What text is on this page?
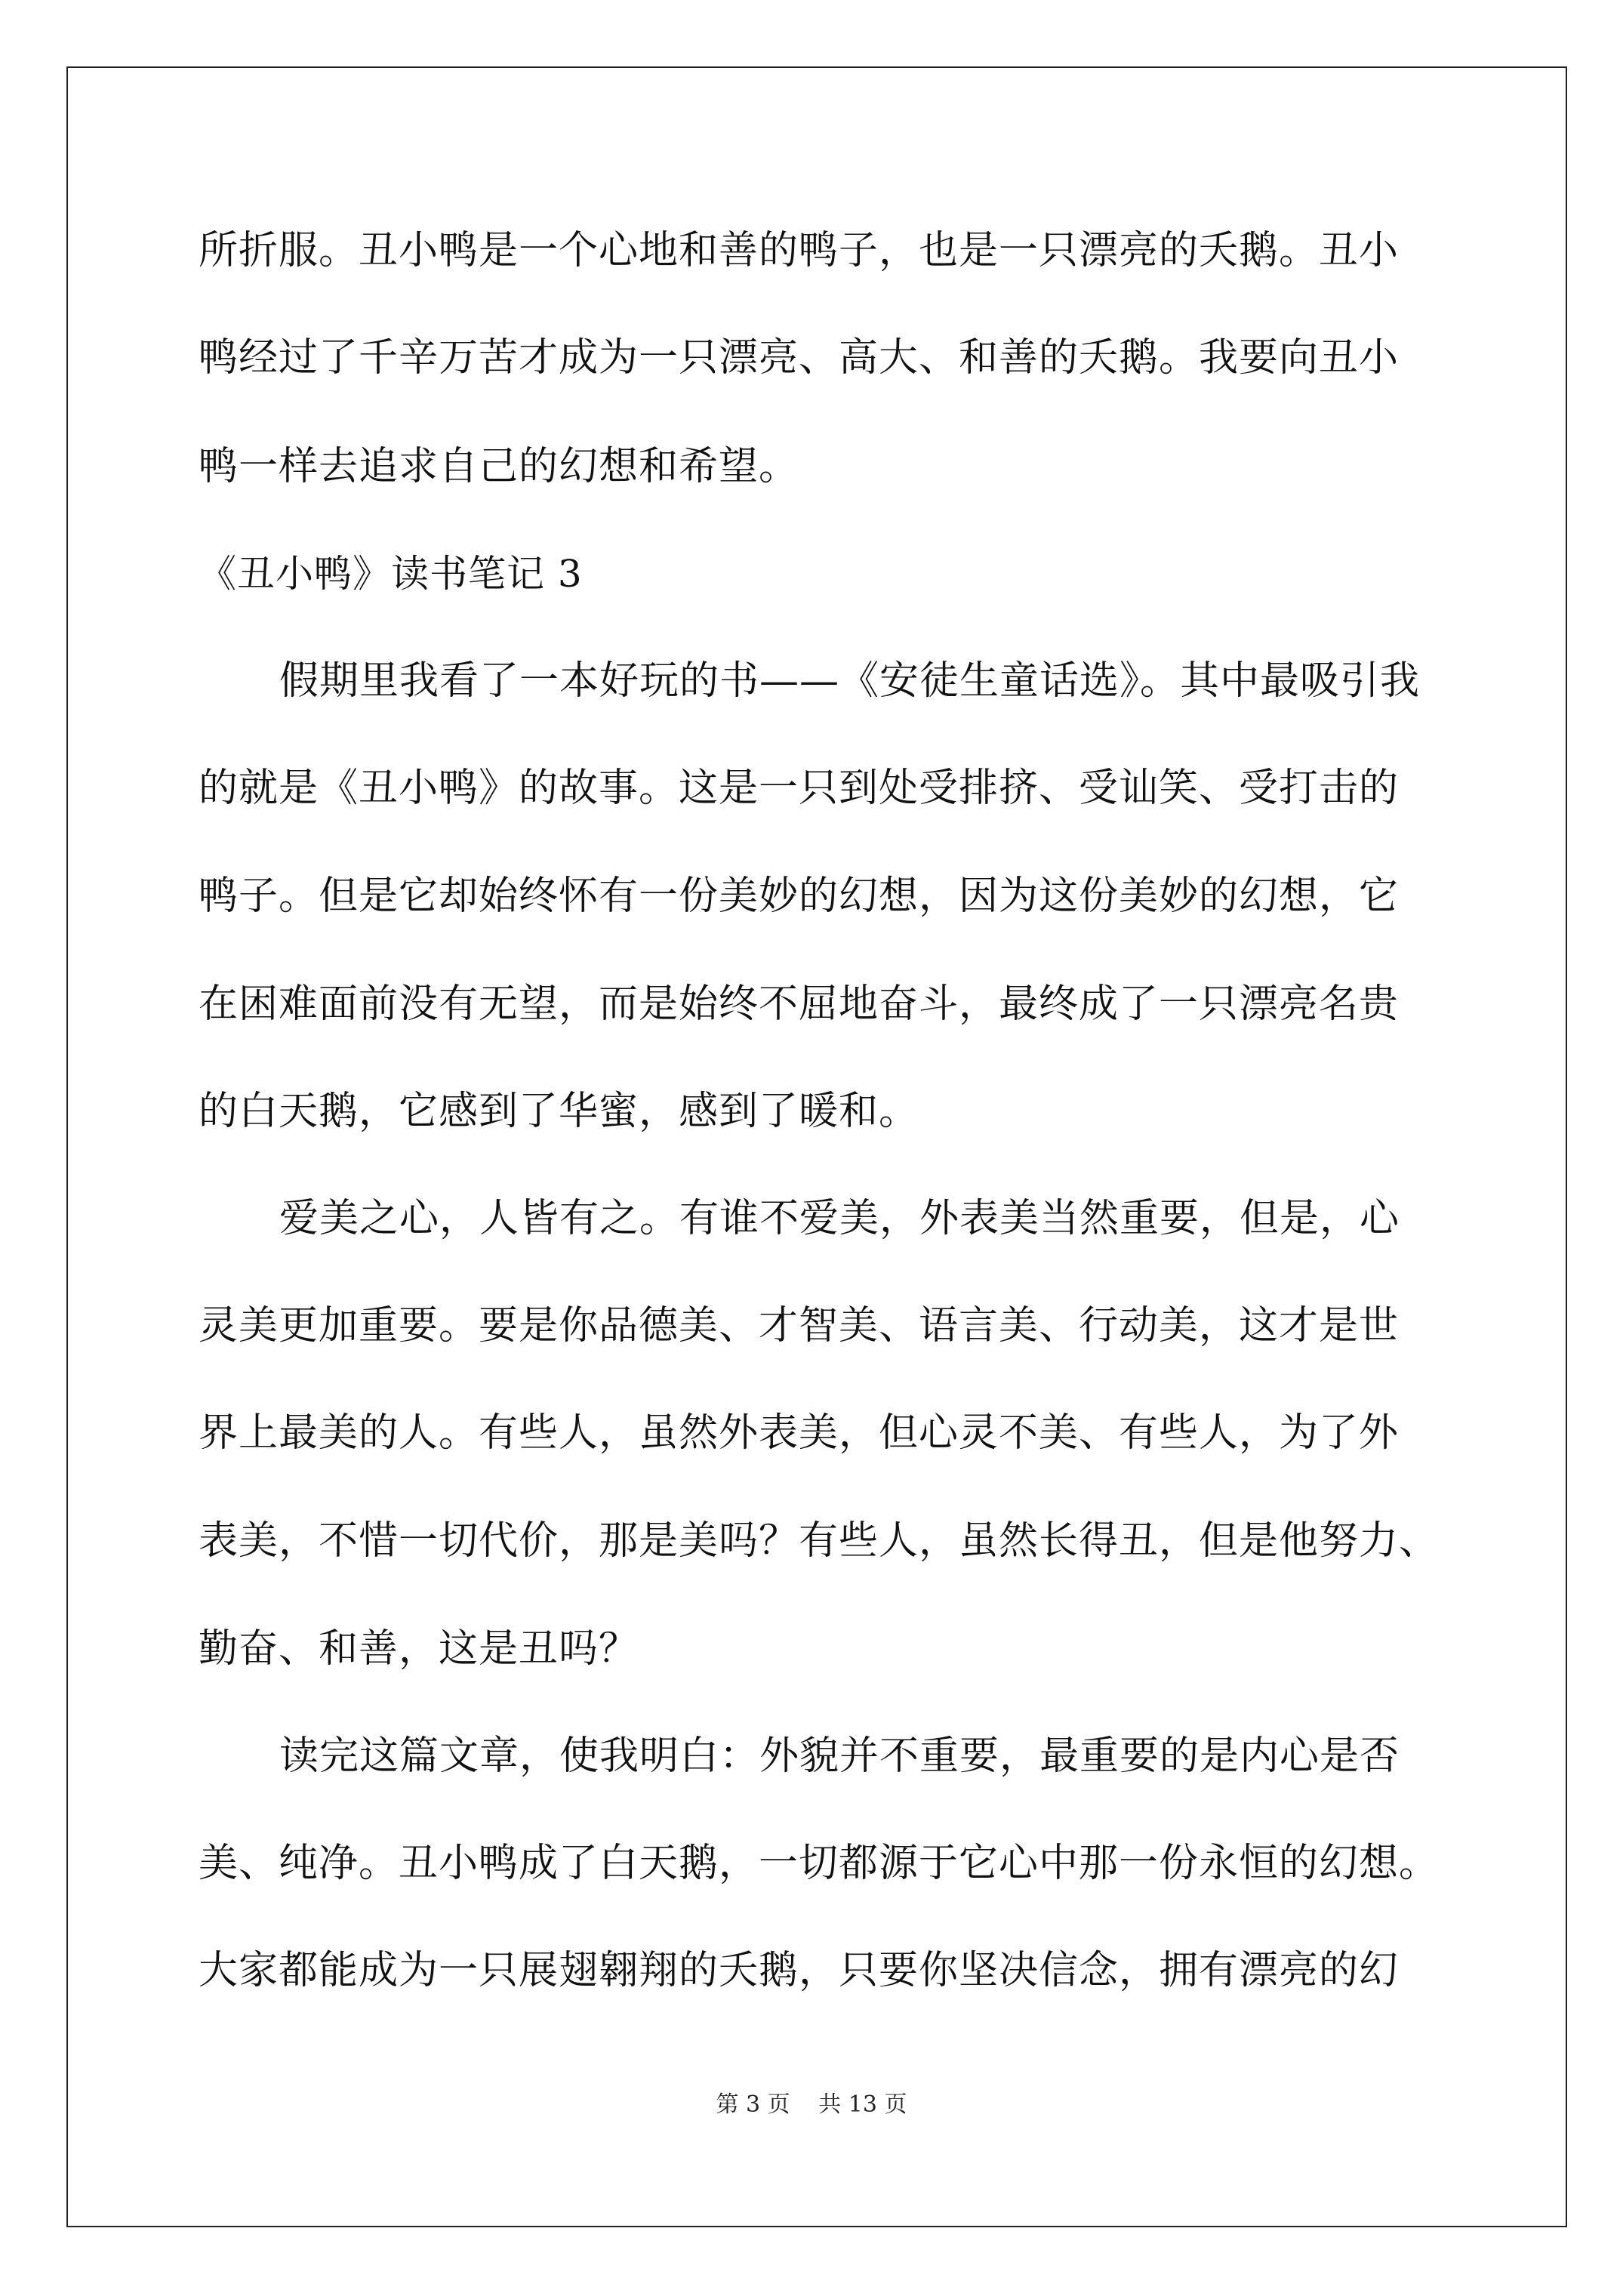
所折服。丑小鸭是一个心地和善的鸭子，也是一只漂亮的夭鹅。丑小
鸭经过了千辛万苦才成为一只漂亮、高大、和善的夭鹅。我要向丑小
鸭一样去追求自己的幻想和希望。
《丑小鸭》读书笔记 3
假期里我看了一本好玩的书——《安徒生童话选》。其中最吸引我
的就是《丑小鸭》的故事。这是一只到处受排挤、受讪笑、受打击的
鸭子。但是它却始终怀有一份美妙的幻想，因为这份美妙的幻想，它
在困难面前没有无望，而是始终不屈地奋斗，最终成了一只漂亮名贵
的白天鹅，它感到了华蜜，感到了暖和。
爱美之心，人皆有之。有谁不爱美，外表美当然重要，但是，心
灵美更加重要。要是你品德美、才智美、语言美、行动美，这才是世
界上最美的人。有些人，虽然外表美，但心灵不美、有些人，为了外
表美，不惜一切代价，那是美吗？有些人，虽然长得丑，但是他努力、
勤奋、和善，这是丑吗？
读完这篇文章，使我明白：外貌并不重要，最重要的是内心是否
美、纯净。丑小鸭成了白天鹅，一切都源于它心中那一份永恒的幻想。
大家都能成为一只展翅翱翔的夭鹅，只要你坚决信念，拥有漂亮的幻
第 3 页 共 13 页
